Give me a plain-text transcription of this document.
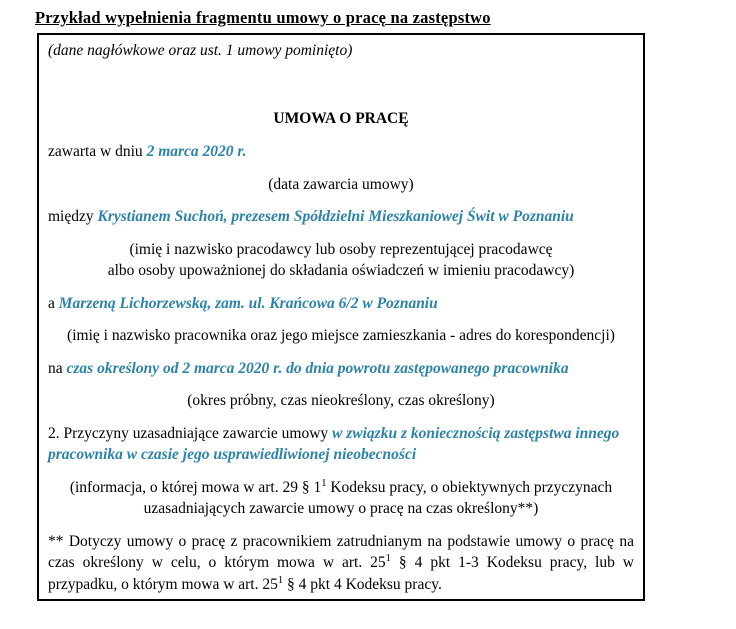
Przykład wypełnienia fragmentu umowy o pracę na zastępstwo

(dane nagłówkowe oraz ust. 1 umowy pominięto)

UMOWA O PRACĘ

zawarta w dniu 2 marca 2020 r.

(data zawarcia umowy)

między Krystianem Suchoń, prezesem Spółdzielni Mieszkaniowej Świt w Poznaniu

(imię i nazwisko pracodawcy lub osoby reprezentującej pracodawcę
albo osoby upoważnionej do składania oświadczeń w imieniu pracodawcy)

a Marzeną Lichorzewską, zam. ul. Krańcowa 6/2 w Poznaniu

(imię i nazwisko pracownika oraz jego miejsce zamieszkania - adres do korespondencji)

na czas określony od 2 marca 2020 r. do dnia powrotu zastępowanego pracownika

(okres próbny, czas nieokreślony, czas określony)

2. Przyczyny uzasadniające zawarcie umowy w związku z koniecznością zastępstwa innego pracownika w czasie jego usprawiedliwionej nieobecności

(informacja, o której mowa w art. 29 § $1^1$ Kodeksu pracy, o obiektywnych przyczynach
uzasadniających zawarcie umowy o pracę na czas określony**)

** Dotyczy umowy o pracę z pracownikiem zatrudnianym na podstawie umowy o pracę na czas określony w celu, o którym mowa w art. $25^1$ § 4 pkt 1-3 Kodeksu pracy, lub w przypadku, o którym mowa w art. $25^1$ § 4 pkt 4 Kodeksu pracy.
